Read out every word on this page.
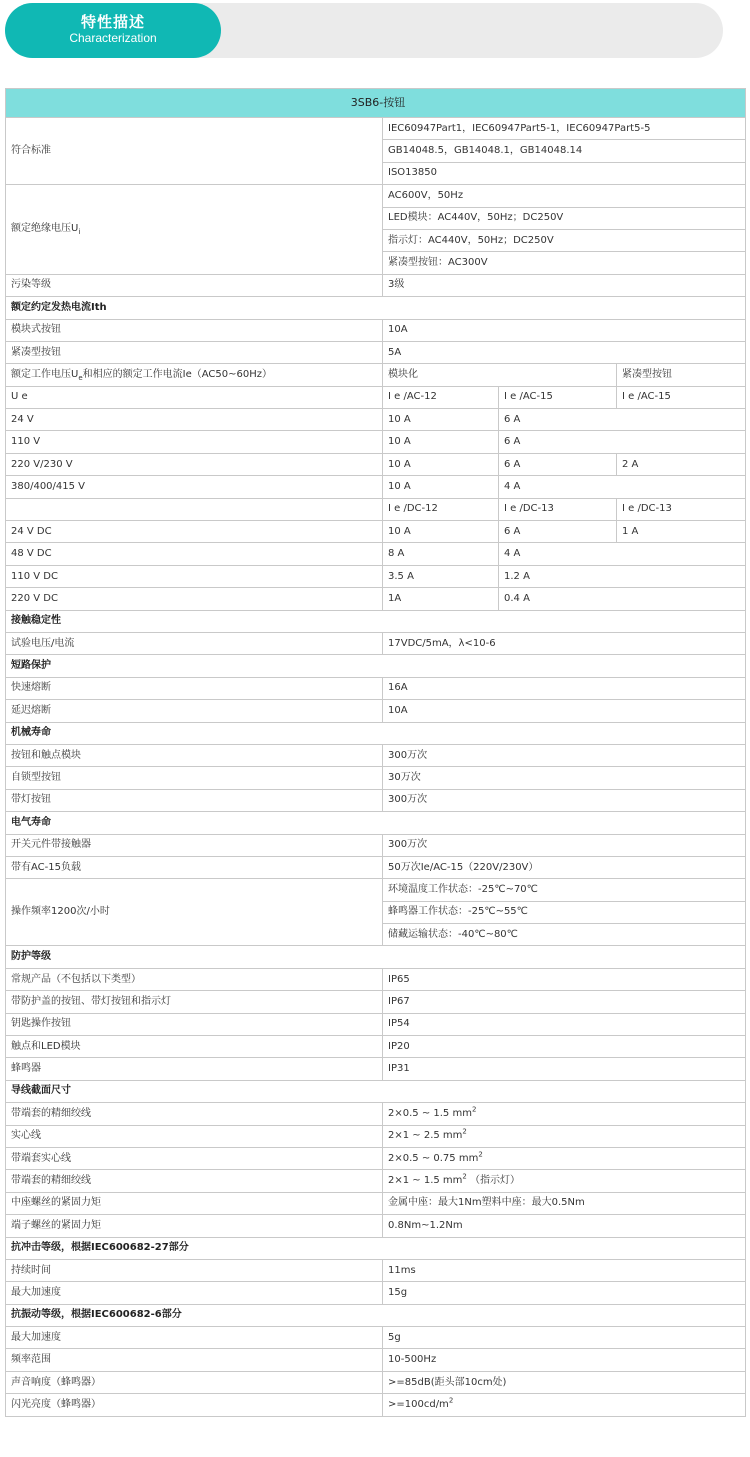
特性描述
Characterization
3SB6-按钮			
符合标准	IEC60947Part1，IEC60947Part5-1，IEC60947Part5-5		
	GB14048.5，GB14048.1，GB14048.14		
	ISO13850		
额定绝缘电压$U_i$	AC600V，50Hz		
	LED模块：AC440V，50Hz；DC250V		
	指示灯：AC440V，50Hz；DC250V		
	紧凑型按钮：AC300V		
污染等级	3级		
额定约定发热电流Ith			
模块式按钮	10A		
紧凑型按钮	5A		
额定工作电压$U_e$和相应的额定工作电流Ie（AC50~60Hz）	模块化		紧凑型按钮
U e	I e /AC-12	I e /AC-15	I e /AC-15
24 V	10 A	6 A	
110 V	10 A	6 A	
220 V/230 V	10 A	6 A	2 A
380/400/415 V	10 A	4 A	
	I e /DC-12	I e /DC-13	I e /DC-13
24 V DC	10 A	6 A	1 A
48 V DC	8 A	4 A	
110 V DC	3.5 A	1.2 A	
220 V DC	1A	0.4 A	
接触稳定性			
试验电压/电流	17VDC/5mA，λ<10-6		
短路保护			
快速熔断	16A		
延迟熔断	10A		
机械寿命			
按钮和触点模块	300万次		
自锁型按钮	30万次		
带灯按钮	300万次		
电气寿命			
开关元件带接触器	300万次		
带有AC-15负载	50万次Ie/AC-15（220V/230V）		
操作频率1200次/小时	环境温度工作状态：-25℃~70℃		
	蜂鸣器工作状态：-25℃~55℃		
	储藏运输状态：-40℃~80℃		
防护等级			
常规产品（不包括以下类型）	IP65		
带防护盖的按钮、带灯按钮和指示灯	IP67		
钥匙操作按钮	IP54		
触点和LED模块	IP20		
蜂鸣器	IP31		
导线截面尺寸			
带端套的精细绞线	2×0.5 ~ 1.5 $mm^2$
实心线	2×1 ~ 2.5 $mm^2$
带端套实心线	2×0.5 ~ 0.75 $mm^2$
带端套的精细绞线	2×1 ~ 1.5 $mm^2$ （指示灯）		
中座螺丝的紧固力矩	金属中座：最大1Nm塑料中座：最大0.5Nm		
端子螺丝的紧固力矩	0.8Nm~1.2Nm		
抗冲击等级，根据IEC600682-27部分			
持续时间	11ms		
最大加速度	15g		
抗振动等级，根据IEC600682-6部分			
最大加速度	5g		
频率范围	10-500Hz		
声音响度（蜂鸣器）	>=85dB(距头部10cm处)		
闪光亮度（蜂鸣器）	$>=100cd/m^2$
